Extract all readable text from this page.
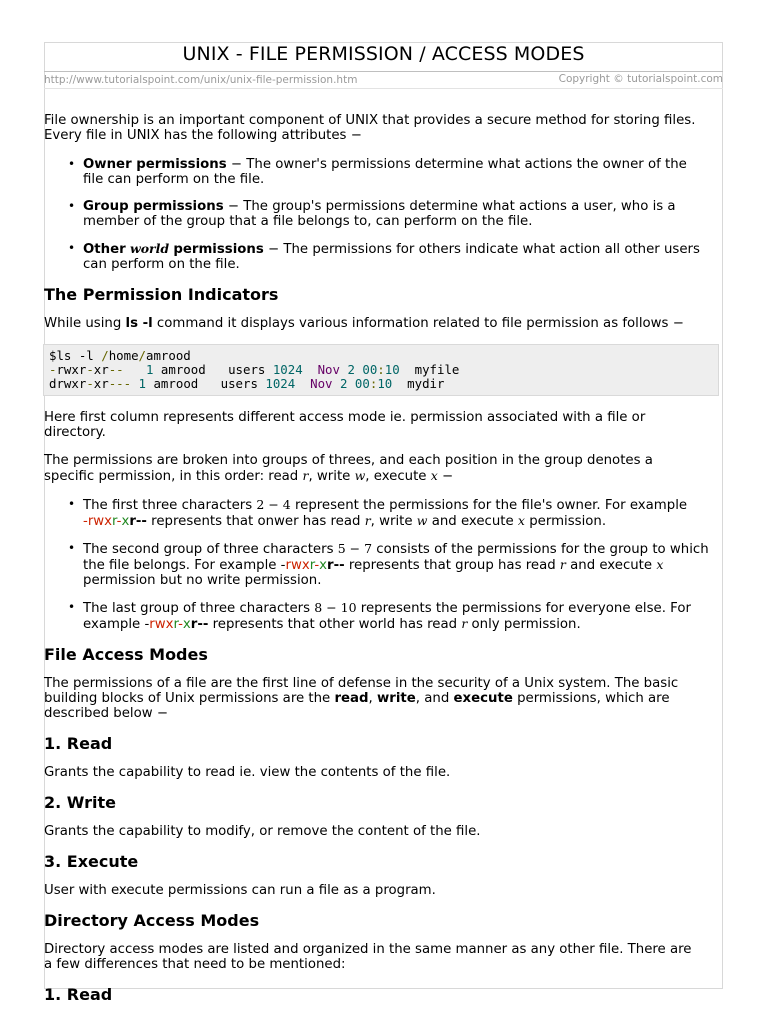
UNIX - FILE PERMISSION / ACCESS MODES
http://www.tutorialspoint.com/unix/unix-file-permission.htm	Copyright © tutorialspoint.com

File ownership is an important component of UNIX that provides a secure method for storing files.
Every file in UNIX has the following attributes −

• Owner permissions − The owner's permissions determine what actions the owner of the
file can perform on the file.
• Group permissions − The group's permissions determine what actions a user, who is a
member of the group that a file belongs to, can perform on the file.
• Other world permissions − The permissions for others indicate what action all other users
can perform on the file.
The Permission Indicators

While using ls -l command it displays various information related to file permission as follows −

$ls -l /home/amrood
-rwxr-xr--   1 amrood   users 1024  Nov 2 00:10  myfile
drwxr-xr--- 1 amrood   users 1024  Nov 2 00:10  mydir

Here first column represents different access mode ie. permission associated with a file or
directory.

The permissions are broken into groups of threes, and each position in the group denotes a
specific permission, in this order: read r, write w, execute x −

• The first three characters 2 − 4 represent the permissions for the file's owner. For example
-rwxr-xr-- represents that onwer has read r, write w and execute x permission.
• The second group of three characters 5 − 7 consists of the permissions for the group to which
the file belongs. For example -rwxr-xr-- represents that group has read r and execute x
permission but no write permission.
• The last group of three characters 8 − 10 represents the permissions for everyone else. For
example -rwxr-xr-- represents that other world has read r only permission.
File Access Modes

The permissions of a file are the first line of defense in the security of a Unix system. The basic
building blocks of Unix permissions are the read, write, and execute permissions, which are
described below −

1. Read

Grants the capability to read ie. view the contents of the file.

2. Write

Grants the capability to modify, or remove the content of the file.

3. Execute

User with execute permissions can run a file as a program.

Directory Access Modes

Directory access modes are listed and organized in the same manner as any other file. There are
a few differences that need to be mentioned:

1. Read
